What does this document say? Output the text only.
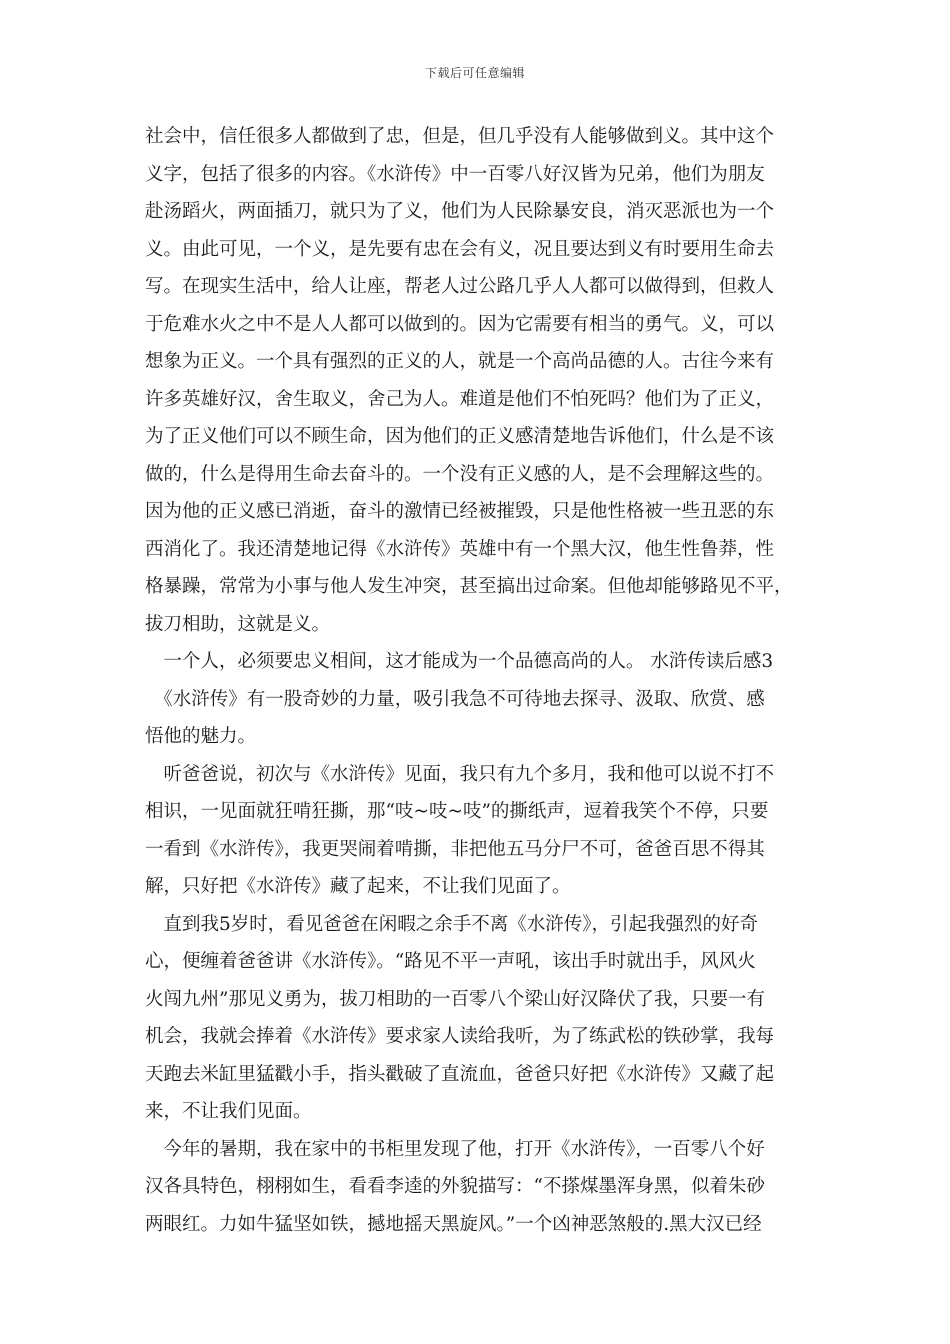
下载后可任意编辑
社会中，信任很多人都做到了忠，但是，但几乎没有人能够做到义。其中这个
义字，包括了很多的内容。《水浒传》中一百零八好汉皆为兄弟，他们为朋友
赴汤蹈火，两面插刀，就只为了义，他们为人民除暴安良，消灭恶派也为一个
义。由此可见，一个义，是先要有忠在会有义，况且要达到义有时要用生命去
写。在现实生活中，给人让座，帮老人过公路几乎人人都可以做得到，但救人
于危难水火之中不是人人都可以做到的。因为它需要有相当的勇气。义，可以
想象为正义。一个具有强烈的正义的人，就是一个高尚品德的人。古往今来有
许多英雄好汉，舍生取义，舍己为人。难道是他们不怕死吗？他们为了正义，
为了正义他们可以不顾生命，因为他们的正义感清楚地告诉他们，什么是不该
做的，什么是得用生命去奋斗的。一个没有正义感的人，是不会理解这些的。
因为他的正义感已消逝，奋斗的激情已经被摧毁，只是他性格被一些丑恶的东
西消化了。我还清楚地记得《水浒传》英雄中有一个黑大汉，他生性鲁莽，性
格暴躁，常常为小事与他人发生冲突，甚至搞出过命案。但他却能够路见不平，
拔刀相助，这就是义。
　一个人，必须要忠义相间，这才能成为一个品德高尚的人。 水浒传读后感3
　《水浒传》有一股奇妙的力量，吸引我急不可待地去探寻、汲取、欣赏、感
悟他的魅力。
　听爸爸说，初次与《水浒传》见面，我只有九个多月，我和他可以说不打不
相识，一见面就狂啃狂撕，那“吱~吱~吱”的撕纸声，逗着我笑个不停，只要
一看到《水浒传》，我更哭闹着啃撕，非把他五马分尸不可，爸爸百思不得其
解，只好把《水浒传》藏了起来，不让我们见面了。
　直到我5岁时，看见爸爸在闲暇之余手不离《水浒传》，引起我强烈的好奇
心，便缠着爸爸讲《水浒传》。“路见不平一声吼，该出手时就出手，风风火
火闯九州”那见义勇为，拔刀相助的一百零八个梁山好汉降伏了我，只要一有
机会，我就会捧着《水浒传》要求家人读给我听，为了练武松的铁砂掌，我每
天跑去米缸里猛戳小手，指头戳破了直流血，爸爸只好把《水浒传》又藏了起
来，不让我们见面。
　今年的暑期，我在家中的书柜里发现了他，打开《水浒传》，一百零八个好
汉各具特色，栩栩如生，看看李逵的外貌描写：“不搽煤墨浑身黑，似着朱砂
两眼红。力如牛猛坚如铁，撼地摇天黑旋风。”一个凶神恶煞般的.黑大汉已经
